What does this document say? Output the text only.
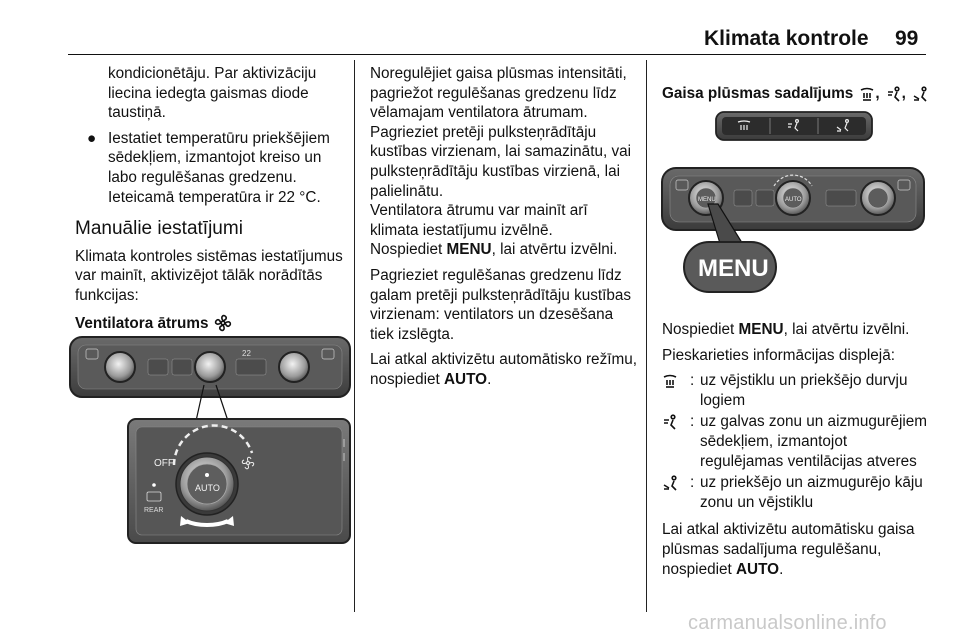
Klimata kontrole 99

kondicionētāju. Par aktivizāciju liecina iedegta gaismas diode taustiņā.

● Iestatiet temperatūru priekšējiem sēdekļiem, izmantojot kreiso un labo regulēšanas gredzenu.
Ieteicamā temperatūra ir 22 °C.
Manuālie iestatījumi

Klimata kontroles sistēmas iestatījumus var mainīt, aktivizējot tālāk norādītās funkcijas:

Ventilatora ātrums
22
OFF
AUTO
REAR

Noregulējiet gaisa plūsmas intensitāti, pagriežot regulēšanas gredzenu līdz vēlamajam ventilatora ātrumam. Pagrieziet pretēji pulksteņrādītāju kustības virzienam, lai samazinātu, vai pulksteņrādītāju kustības virzienā, lai palielinātu.

Ventilatora ātrumu var mainīt arī klimata iestatījumu izvēlnē.
Nospiediet MENU, lai atvērtu izvēlni.

Pagrieziet regulēšanas gredzenu līdz galam pretēji pulksteņrādītāju kustības virzienam: ventilators un dzesēšana tiek izslēgta.

Lai atkal aktivizētu automātisko režīmu, nospiediet AUTO.

Gaisa plūsmas sadalījums , ,
MENU	AUTO
MENU

Nospiediet MENU, lai atvērtu izvēlni.

Pieskarieties informācijas displejā:

: uz vējstiklu un priekšējo durvju logiem
: uz galvas zonu un aizmugurējiem sēdekļiem, izmantojot regulējamas ventilācijas atveres
: uz priekšējo un aizmugurējo kāju zonu un vējstiklu

Lai atkal aktivizētu automātisku gaisa plūsmas sadalījuma regulēšanu, nospiediet AUTO.

carmanualsonline.info
